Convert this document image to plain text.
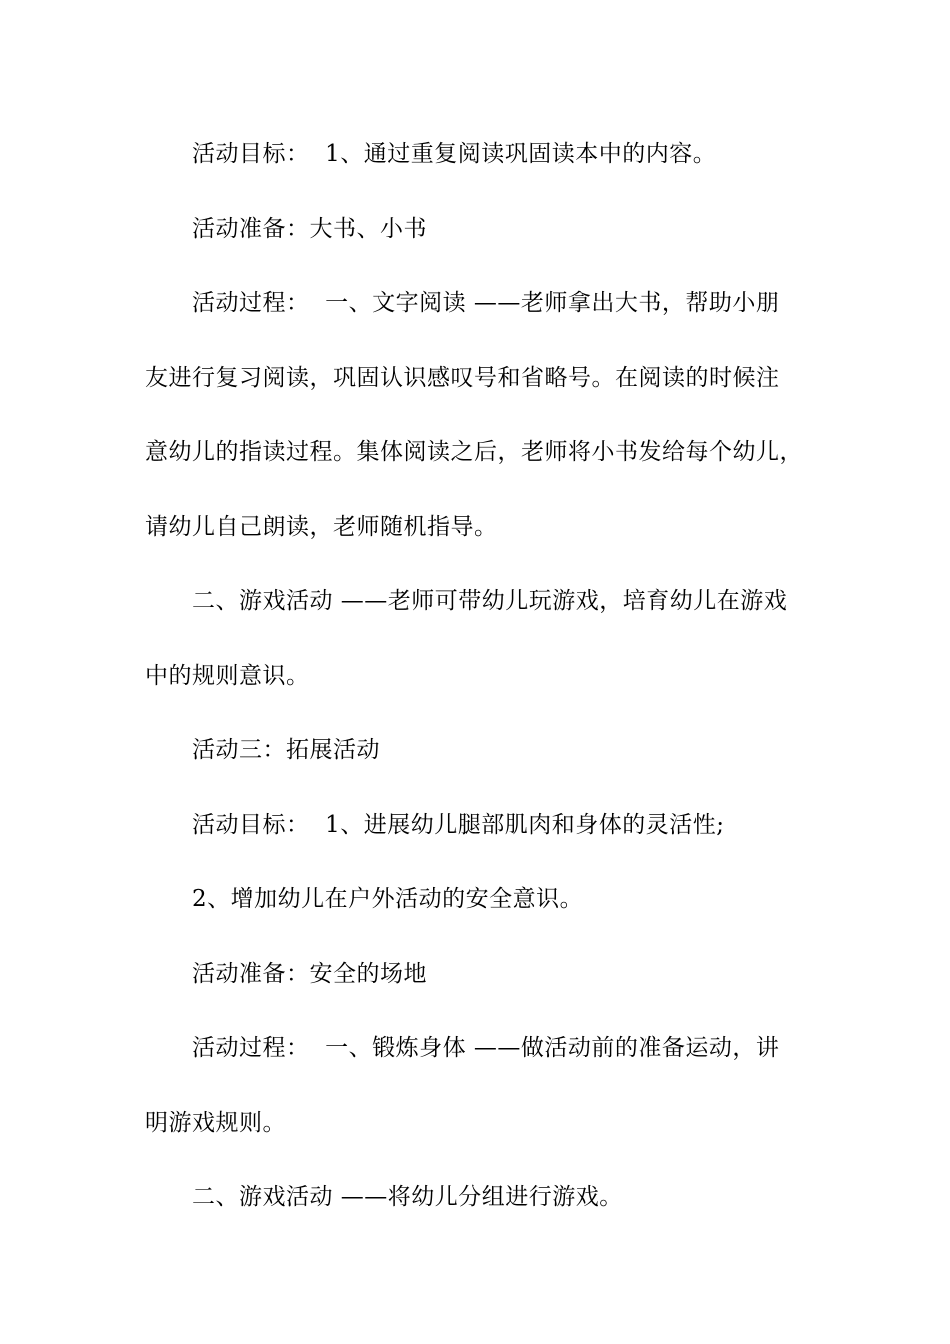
活动目标：  1、通过重复阅读巩固读本中的内容。
活动准备：大书、小书
活动过程：  一、文字阅读 ——老师拿出大书，帮助小朋
友进行复习阅读，巩固认识感叹号和省略号。在阅读的时候注
意幼儿的指读过程。集体阅读之后，老师将小书发给每个幼儿，
请幼儿自己朗读，老师随机指导。
二、游戏活动 ——老师可带幼儿玩游戏，培育幼儿在游戏
中的规则意识。
活动三：拓展活动
活动目标：  1、进展幼儿腿部肌肉和身体的灵活性;
2、增加幼儿在户外活动的安全意识。
活动准备：安全的场地
活动过程：  一、锻炼身体 ——做活动前的准备运动，讲
明游戏规则。
二、游戏活动 ——将幼儿分组进行游戏。
